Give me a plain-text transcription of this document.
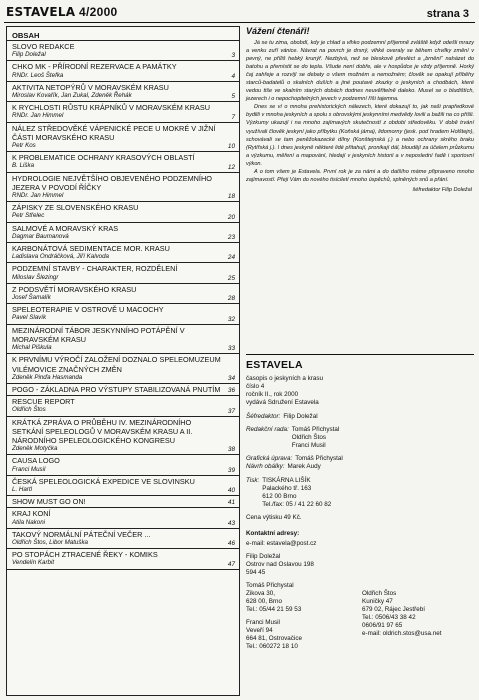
ESTAVELA 4/2000	strana 3
OBSAH
SLOVO REDAKCE
Filip Doležal	3
CHKO MK - PŘÍRODNÍ REZERVACE A PAMÁTKY
RNDr. Leoš Štefka	4
AKTIVITA NETOPÝRŮ V MORAVSKÉM KRASU
Miroslav Kovařík, Jan Zukal, Zdeněk Řehák	5
K RYCHLOSTI RŮSTU KRÁPNÍKŮ V MORAVSKÉM KRASU
RNDr. Jan Himmel	7
NÁLEZ STŘEDOVĚKÉ VÁPENICKÉ PECE U MOKRÉ V JIŽNÍ ČÁSTI MORAVSKÉHO KRASU
Petr Kos	10
K PROBLEMATICE OCHRANY KRASOVÝCH OBLASTÍ
B. Liška	12
HYDROLOGIE NEJVĚTŠÍHO OBJEVENÉHO PODZEMNÍHO JEZERA V POVODÍ ŘÍČKY
RNDr. Jan Himmel	18
ZÁPISKY ZE SLOVENSKÉHO KRASU
Petr Střelec	20
SALMOVÉ A MORAVSKÝ KRAS
Dagmar Baumanová	23
KARBONÁTOVÁ SEDIMENTACE MOR. KRASU
Ladislava Ondráčková, Jiří Kalvoda	24
PODZEMNÍ STAVBY - CHARAKTER, ROZDĚLENÍ
Miloslav Šlezingr	25
Z PODSVĚTÍ MORAVSKÉHO KRASU
Josef Šamalík	28
SPELEOTERAPIE V OSTROVĚ U MACOCHY
Pavel Slavík	32
MEZINÁRODNÍ TÁBOR JESKYNNÍHO POTÁPĚNÍ V MORAVSKÉM KRASU
Michal Piškula	33
K PRVNÍMU VÝROČÍ ZALOŽENÍ DOZNALO SPELEOMUZEUM VILÉMOVICE ZNAČNÝCH ZMĚN
Zdeněk Pinďa Hasmanda	34
POGO - ZÁKLADNA PRO VÝSTUPY STABILIZOVANÁ PNUTÍM	36
RESCUE REPORT
Oldřich Štos	37
KRÁTKÁ ZPRÁVA O PRŮBĚHU IV. MEZINÁRODNÍHO SETKÁNÍ SPELEOLOGŮ V MORAVSKÉM KRASU A II. NÁRODNÍHO SPELEOLOGICKÉHO KONGRESU
Zdeněk Motyčka	38
CAUSA LOGO
Franci Musil	39
ČESKÁ SPELEOLOGICKÁ EXPEDICE VE SLOVINSKU
L. Hartl	40
SHOW MUST GO ON!	41
KRAJ KONÍ
Atila Nakoni	43
TAKOVÝ NORMÁLNÍ PÁTEČNÍ VEČER ...
Oldřich Štos, Libor Matuška	46
PO STOPÁCH ZTRACENÉ ŘEKY - KOMIKS
Vendelín Karbit	47
Vážení čtenáři!

Já se tu zima, obobdí, kdy je chlad a vlhko podzemní příjemně zvláště když odešli mrazy a venku zuří vánice. Návrat na povrch je drsný, vlhké overaly se během chvilky změní v pevný, ne příliš hebký krunýř. Nezbývá, než se bleskově převléct a „brnění“ naházet do batohu a přemístit se do tepla. Všude není dobře, ale v hospůdce je vždy příjemně. Horký čaj zahřeje a rozvíjí se debaty o všem možném a nemožném; člověk se opakují příběhy starců-badatelů o skalních duších a jiné poutavé zkazky o jeskyních a chodbách, které vedou tiše ve skalním starých dobách dodnes neuvěřitelně daleko. Musel se o bludištích, jezerech i o nepochopitelných jevech v podzemní říši tajemna.

Dnes se ví o mnoha prehistorických nálezech, které dokazují to, jak naši prapředkové bydlili v mnoha jeskyních a spolu s obrovskými jeskynními medvědy lovili a bažili na co přišli. Výzkumy ukazují i na mnoho zajímavých skutečností z období středověku. V době trvání využívali člověk jeskyní jako příbytku (Koňská jáma), lidomorny (jesk. pod hradem Holštejn), schovávali se tam peněžokazecké dílny (Konštejnská j.) a nebo ochrany skrého braku (Rytířská j.). I dnes jeskyně některé lidé přitahují, pronikají dál, bloudějí za účelem průzkumu a výzkumu, měření a mapování, hledají v jeskyních historii a v neposlední řadě i sportovní výkon.

A o tom všem je Estavela. První rok je za námi a do dalšího máme připraveno mnoho zajímavostí. Přeji Vám do nového tisíciletí mnoho úspěchů, splněných snů a přání.

šéfredaktor Filip Doležal
ESTAVELA
časopis o jeskyních a krasu
číslo 4
ročník II., rok 2000
vydává Sdružení Estavela
Šéfredaktor: Filip Doležal
Redakční rada: Tomáš Přichystal
Oldřich Štos
Franci Musil
Grafická úprava: Tomáš Přichystal
Návrh obálky: Marek Audy
Tisk: TISKÁRNA LIŠÍK
Palackého tř. 163
612 00 Brno
Tel./fax: 05 / 41 22 60 82
Cena výtisku 49 Kč.
Kontaktní adresy:
e-mail: estavela@post.cz
Filip Doležal
Ostrov nad Oslavou 198
594 45
Tomáš Přichystal
Zikova 30,
628 00, Brno
Tel.: 05/44 21 59 53
Franci Musil
Veveří 94
664 81, Ostrovačice
Tel.: 060272 18 10
Oldřich Štos
Kuničky 47
679 02, Rájec Jestřebí
Tel.: 0506/43 38 42
0606/91 97 65
e-mail: oldrich.stos@usa.net
